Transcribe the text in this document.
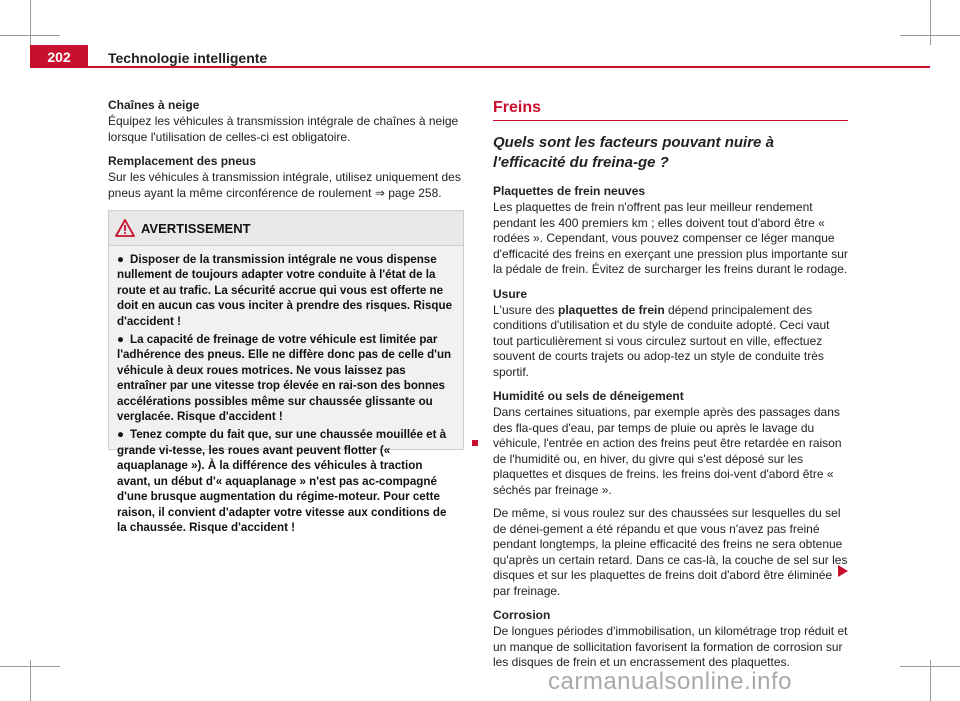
202	Technologie intelligente
Chaînes à neige

Équipez les véhicules à transmission intégrale de chaînes à neige lorsque l'utilisation de celles-ci est obligatoire.

Remplacement des pneus

Sur les véhicules à transmission intégrale, utilisez uniquement des pneus ayant la même circonférence de roulement ⇒ page 258.

AVERTISSEMENT

● Disposer de la transmission intégrale ne vous dispense nullement de toujours adapter votre conduite à l'état de la route et au trafic. La sécurité accrue qui vous est offerte ne doit en aucun cas vous inciter à prendre des risques. Risque d'accident !

● La capacité de freinage de votre véhicule est limitée par l'adhérence des pneus. Elle ne diffère donc pas de celle d'un véhicule à deux roues motrices. Ne vous laissez pas entraîner par une vitesse trop élevée en rai-son des bonnes accélérations possibles même sur chaussée glissante ou verglacée. Risque d'accident !

● Tenez compte du fait que, sur une chaussée mouillée et à grande vi-tesse, les roues avant peuvent flotter (« aquaplanage »). À la différence des véhicules à traction avant, un début d'« aquaplanage » n'est pas ac-compagné d'une brusque augmentation du régime-moteur. Pour cette raison, il convient d'adapter votre vitesse aux conditions de la chaussée. Risque d'accident !

Freins
Quels sont les facteurs pouvant nuire à l'efficacité du freina-ge ?
Plaquettes de frein neuves

Les plaquettes de frein n'offrent pas leur meilleur rendement pendant les 400 premiers km ; elles doivent tout d'abord être « rodées ». Cependant, vous pouvez compenser ce léger manque d'efficacité des freins en exerçant une pression plus importante sur la pédale de frein. Évitez de surcharger les freins durant le rodage.

Usure

L'usure des plaquettes de frein dépend principalement des conditions d'utilisation et du style de conduite adopté. Ceci vaut tout particulièrement si vous circulez surtout en ville, effectuez souvent de courts trajets ou adop-tez un style de conduite très sportif.

Humidité ou sels de déneigement

Dans certaines situations, par exemple après des passages dans des fla-ques d'eau, par temps de pluie ou après le lavage du véhicule, l'entrée en action des freins peut être retardée en raison de l'humidité ou, en hiver, du givre qui s'est déposé sur les plaquettes et disques de freins. les freins doi-vent d'abord être « séchés par freinage ».

De même, si vous roulez sur des chaussées sur lesquelles du sel de dénei-gement a été répandu et que vous n'avez pas freiné pendant longtemps, la pleine efficacité des freins ne sera obtenue qu'après un certain retard. Dans ce cas-là, la couche de sel sur les disques et sur les plaquettes de freins doit d'abord être éliminée par freinage.

Corrosion

De longues périodes d'immobilisation, un kilométrage trop réduit et un manque de sollicitation favorisent la formation de corrosion sur les disques de frein et un encrassement des plaquettes.

carmanualsonline.info
